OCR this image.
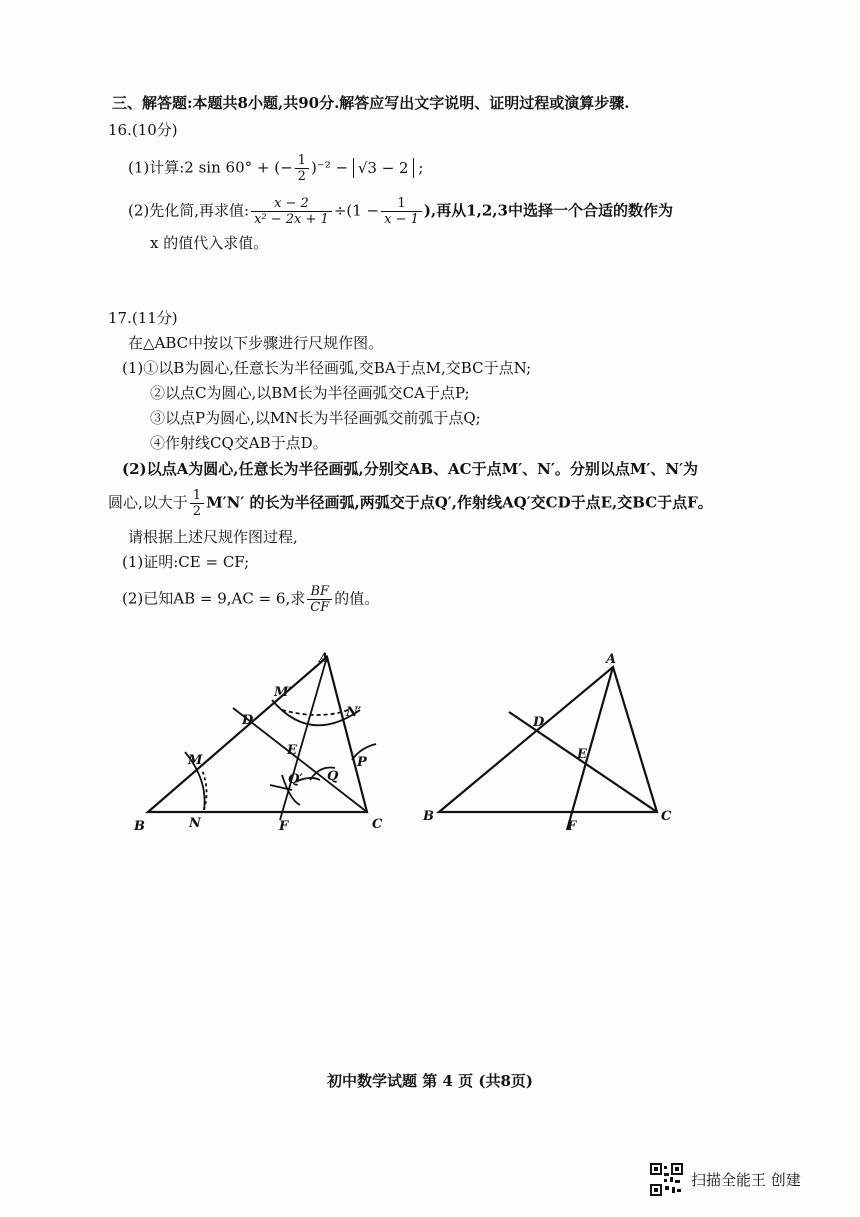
三、解答题:本题共8小题,共90分.解答应写出文字说明、证明过程或演算步骤.
16.(10分)
(1)计算:2 sin 60° + (− $\frac{1}{2} )^{-2} - √3 - 2$ ;
(2)先化简,再求值: $\frac{x - 2}{\text{x² − 2x + 1}} \div(1 - \frac{1}{x - 1}$ ),再从1,2,3中选择一个合适的数作为
x 的值代入求值。
17.(11分)
在△ABC中按以下步骤进行尺规作图。
(1)①以B为圆心,任意长为半径画弧,交BA于点M,交BC于点N;
②以点C为圆心,以BM长为半径画弧交CA于点P;
③以点P为圆心,以MN长为半径画弧交前弧于点Q;
④作射线CQ交AB于点D。
(2)以点A为圆心,任意长为半径画弧,分别交AB、AC于点M′、N′。分别以点M′、N′为
圆心,以大于 $\frac{1}{2} M'N'$ 的长为半径画弧,两弧交于点Q′,作射线AQ′交CD于点E,交BC于点F。
请根据上述尺规作图过程,
(1)证明:CE = CF;
(2)已知AB = 9,AC = 6,求 $\frac{BF}{CF}$ 的值。
A
B	C
D
E
F
M
N
M′
N′
P
Q
Q′
A
B	C
D
E
F
初中数学试题 第 4 页 (共8页)
扫描全能王 创建
